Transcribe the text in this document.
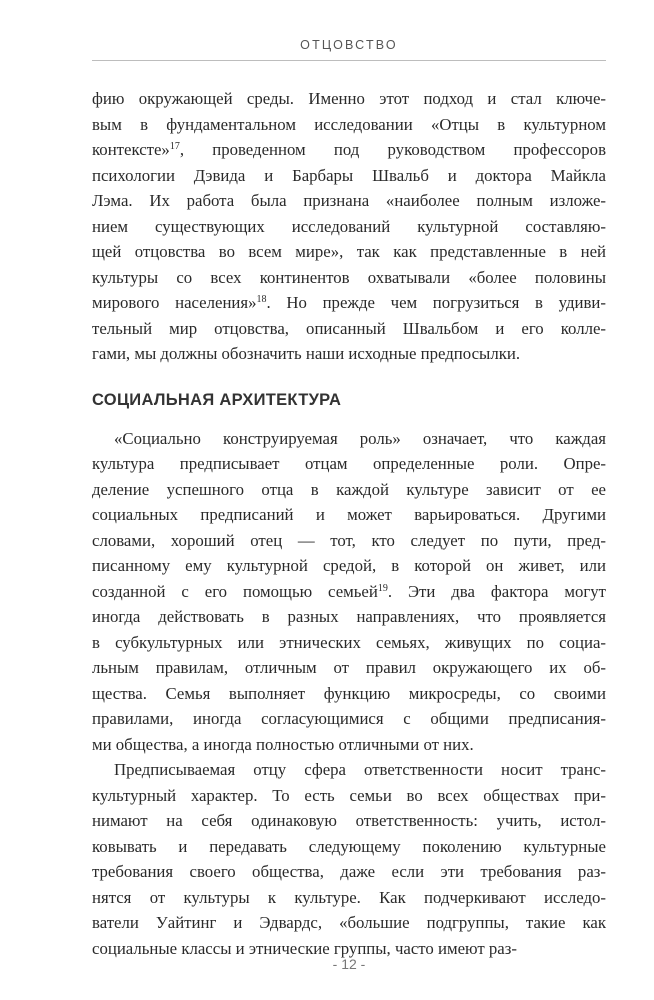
ОТЦОВСТВО
фию окружающей среды. Именно этот подход и стал ключе-
вым в фундаментальном исследовании «Отцы в культурном
контексте»$^{17}$, проведенном под руководством профессоров
психологии Дэвида и Барбары Швальб и доктора Майкла
Лэма. Их работа была признана «наиболее полным изложе-
нием существующих исследований культурной составляю-
щей отцовства во всем мире», так как представленные в ней
культуры со всех континентов охватывали «более половины
мирового населения»$^{18}$. Но прежде чем погрузиться в удиви-
тельный мир отцовства, описанный Швальбом и его колле-
гами, мы должны обозначить наши исходные предпосылки.
СОЦИАЛЬНАЯ АРХИТЕКТУРА
«Социально конструируемая роль» означает, что каждая
культура предписывает отцам определенные роли. Опре-
деление успешного отца в каждой культуре зависит от ее
социальных предписаний и может варьироваться. Другими
словами, хороший отец — тот, кто следует по пути, пред-
писанному ему культурной средой, в которой он живет, или
созданной с его помощью семьей$^{19}$. Эти два фактора могут
иногда действовать в разных направлениях, что проявляется
в субкультурных или этнических семьях, живущих по социа-
льным правилам, отличным от правил окружающего их об-
щества. Семья выполняет функцию микросреды, со своими
правилами, иногда согласующимися с общими предписания-
ми общества, а иногда полностью отличными от них.
Предписываемая отцу сфера ответственности носит транс-
культурный характер. То есть семьи во всех обществах при-
нимают на себя одинаковую ответственность: учить, истол-
ковывать и передавать следующему поколению культурные
требования своего общества, даже если эти требования раз-
нятся от культуры к культуре. Как подчеркивают исследо-
ватели Уайтинг и Эдвардс, «большие подгруппы, такие как
социальные классы и этнические группы, часто имеют раз-
- 12 -
